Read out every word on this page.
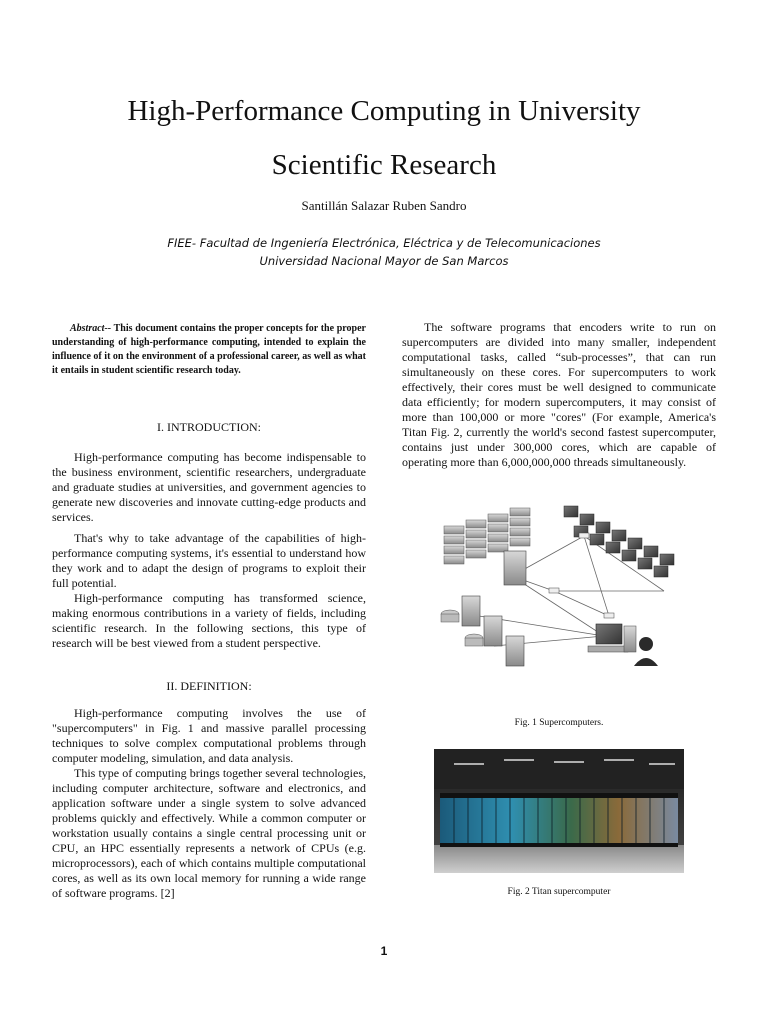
High-Performance Computing in University
Scientific Research
Santillán Salazar Ruben Sandro
FIEE- Facultad de Ingeniería Electrónica, Eléctrica y de Telecomunicaciones
Universidad Nacional Mayor de San Marcos

Abstract-- This document contains the proper concepts for the proper understanding of high-performance computing, intended to explain the influence of it on the environment of a professional career, as well as what it entails in student scientific research today.

I. INTRODUCTION:

High-performance computing has become indispensable to the business environment, scientific researchers, undergraduate and graduate studies at universities, and government agencies to generate new discoveries and innovate cutting-edge products and services.

That's why to take advantage of the capabilities of high-performance computing systems, it's essential to understand how they work and to adapt the design of programs to exploit their full potential.

High-performance computing has transformed science, making enormous contributions in a variety of fields, including scientific research. In the following sections, this type of research will be best viewed from a student perspective.

II. DEFINITION:

High-performance computing involves the use of "supercomputers" in Fig. 1 and massive parallel processing techniques to solve complex computational problems through computer modeling, simulation, and data analysis.

This type of computing brings together several technologies, including computer architecture, software and electronics, and application software under a single system to solve advanced problems quickly and effectively. While a common computer or workstation usually contains a single central processing unit or CPU, an HPC essentially represents a network of CPUs (e.g. microprocessors), each of which contains multiple computational cores, as well as its own local memory for running a wide range of software programs. [2]

The software programs that encoders write to run on supercomputers are divided into many smaller, independent computational tasks, called “sub-processes”, that can run simultaneously on these cores. For supercomputers to work effectively, their cores must be well designed to communicate data efficiently; for modern supercomputers, it may consist of more than 100,000 or more "cores" (For example, America's Titan Fig. 2, currently the world's second fastest supercomputer, contains just under 300,000 cores, which are capable of operating more than 6,000,000,000 threads simultaneously.

Fig. 1 Supercomputers.
Fig. 2 Titan supercomputer
1
